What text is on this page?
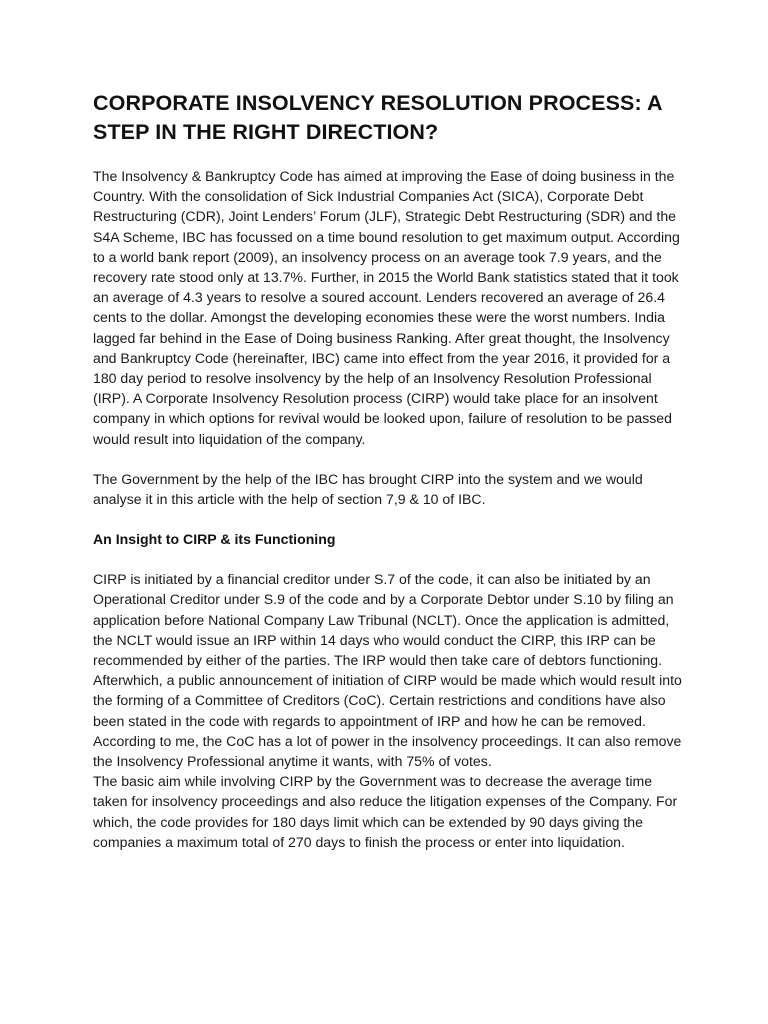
CORPORATE INSOLVENCY RESOLUTION PROCESS: A STEP IN THE RIGHT DIRECTION?

The Insolvency & Bankruptcy Code has aimed at improving the Ease of doing business in the Country. With the consolidation of Sick Industrial Companies Act (SICA), Corporate Debt Restructuring (CDR), Joint Lenders’ Forum (JLF), Strategic Debt Restructuring (SDR) and the S4A Scheme, IBC has focussed on a time bound resolution to get maximum output. According to a world bank report (2009), an insolvency process on an average took 7.9 years, and the recovery rate stood only at 13.7%. Further, in 2015 the World Bank statistics stated that it took an average of 4.3 years to resolve a soured account. Lenders recovered an average of 26.4 cents to the dollar. Amongst the developing economies these were the worst numbers. India lagged far behind in the Ease of Doing business Ranking. After great thought, the Insolvency and Bankruptcy Code (hereinafter, IBC) came into effect from the year 2016, it provided for a 180 day period to resolve insolvency by the help of an Insolvency Resolution Professional (IRP). A Corporate Insolvency Resolution process (CIRP) would take place for an insolvent company in which options for revival would be looked upon, failure of resolution to be passed would result into liquidation of the company.

The Government by the help of the IBC has brought CIRP into the system and we would analyse it in this article with the help of section 7,9 & 10 of IBC.

An Insight to CIRP & its Functioning

CIRP is initiated by a financial creditor under S.7 of the code, it can also be initiated by an Operational Creditor under S.9 of the code and by a Corporate Debtor under S.10 by filing an application before National Company Law Tribunal (NCLT). Once the application is admitted, the NCLT would issue an IRP within 14 days who would conduct the CIRP, this IRP can be recommended by either of the parties. The IRP would then take care of debtors functioning. Afterwhich, a public announcement of initiation of CIRP would be made which would result into the forming of a Committee of Creditors (CoC). Certain restrictions and conditions have also been stated in the code with regards to appointment of IRP and how he can be removed. According to me, the CoC has a lot of power in the insolvency proceedings. It can also remove the Insolvency Professional anytime it wants, with 75% of votes.

The basic aim while involving CIRP by the Government was to decrease the average time taken for insolvency proceedings and also reduce the litigation expenses of the Company. For which, the code provides for 180 days limit which can be extended by 90 days giving the companies a maximum total of 270 days to finish the process or enter into liquidation.
